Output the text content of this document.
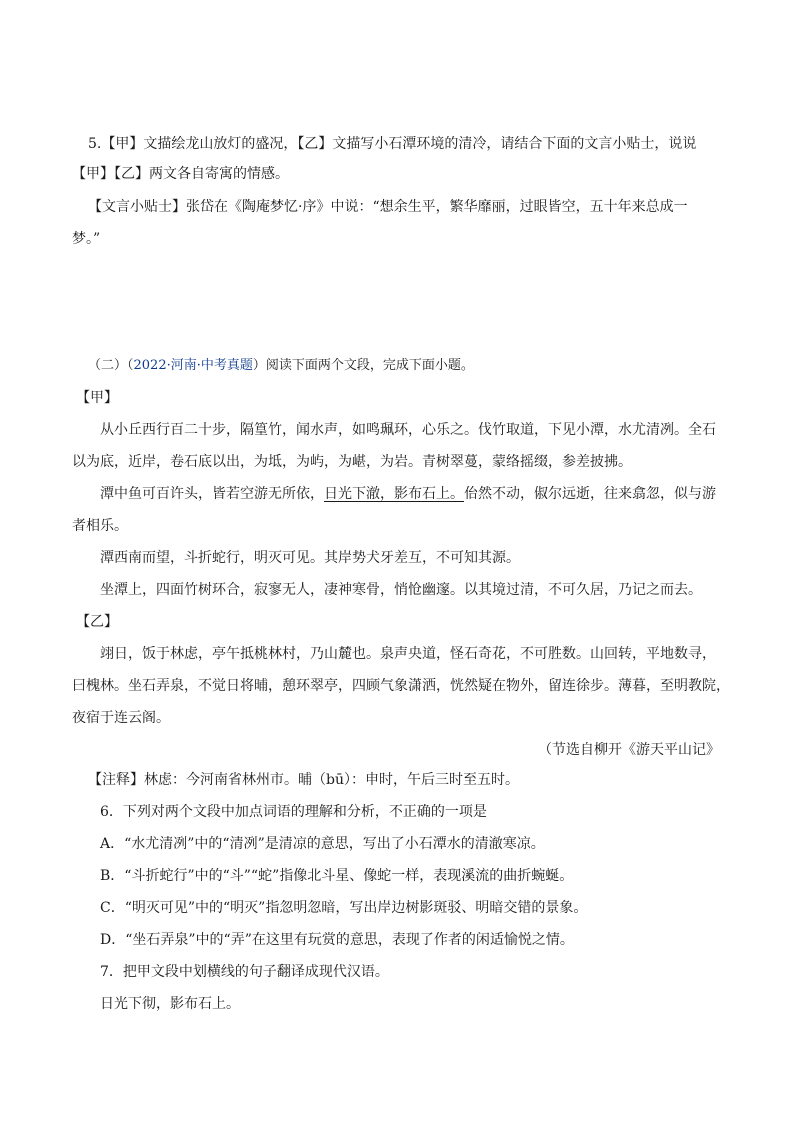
5.【甲】文描绘龙山放灯的盛况，【乙】文描写小石潭环境的清冷，请结合下面的文言小贴士，说说
【甲】【乙】两文各自寄寓的情感。
【文言小贴士】张岱在《陶庵梦忆·序》中说：“想余生平，繁华靡丽，过眼皆空，五十年来总成一
梦。”
（二）（2022·河南·中考真题）阅读下面两个文段，完成下面小题。
【甲】
从小丘西行百二十步，隔篁竹，闻水声，如鸣珮环，心乐之。伐竹取道，下见小潭，水尤清冽。全石
以为底，近岸，卷石底以出，为坻，为屿，为嵁，为岩。青树翠蔓，蒙络摇缀，参差披拂。
潭中鱼可百许头，皆若空游无所依，日光下澈，影布石上。佁然不动，俶尔远逝，往来翕忽，似与游
者相乐。
潭西南而望，斗折蛇行，明灭可见。其岸势犬牙差互，不可知其源。
坐潭上，四面竹树环合，寂寥无人，凄神寒骨，悄怆幽邃。以其境过清，不可久居，乃记之而去。
【乙】
翊日，饭于林虑，亭午抵桃林村，乃山麓也。泉声央道，怪石奇花，不可胜数。山回转，平地数寻，
曰槐林。坐石弄泉，不觉日将晡，憩环翠亭，四顾气象潇洒，恍然疑在物外，留连徐步。薄暮，至明教院，
夜宿于连云阁。
（节选自柳开《游天平山记》
【注释】林虑：今河南省林州市。晡（bū）：申时，午后三时至五时。
6．下列对两个文段中加点词语的理解和分析，不正确的一项是
A．“水尤清冽”中的“清冽”是清凉的意思，写出了小石潭水的清澈寒凉。
B．“斗折蛇行”中的“斗”“蛇”指像北斗星、像蛇一样，表现溪流的曲折蜿蜒。
C．“明灭可见”中的“明灭”指忽明忽暗，写出岸边树影斑驳、明暗交错的景象。
D．“坐石弄泉”中的“弄”在这里有玩赏的意思，表现了作者的闲适愉悦之情。
7．把甲文段中划横线的句子翻译成现代汉语。
日光下彻，影布石上。
